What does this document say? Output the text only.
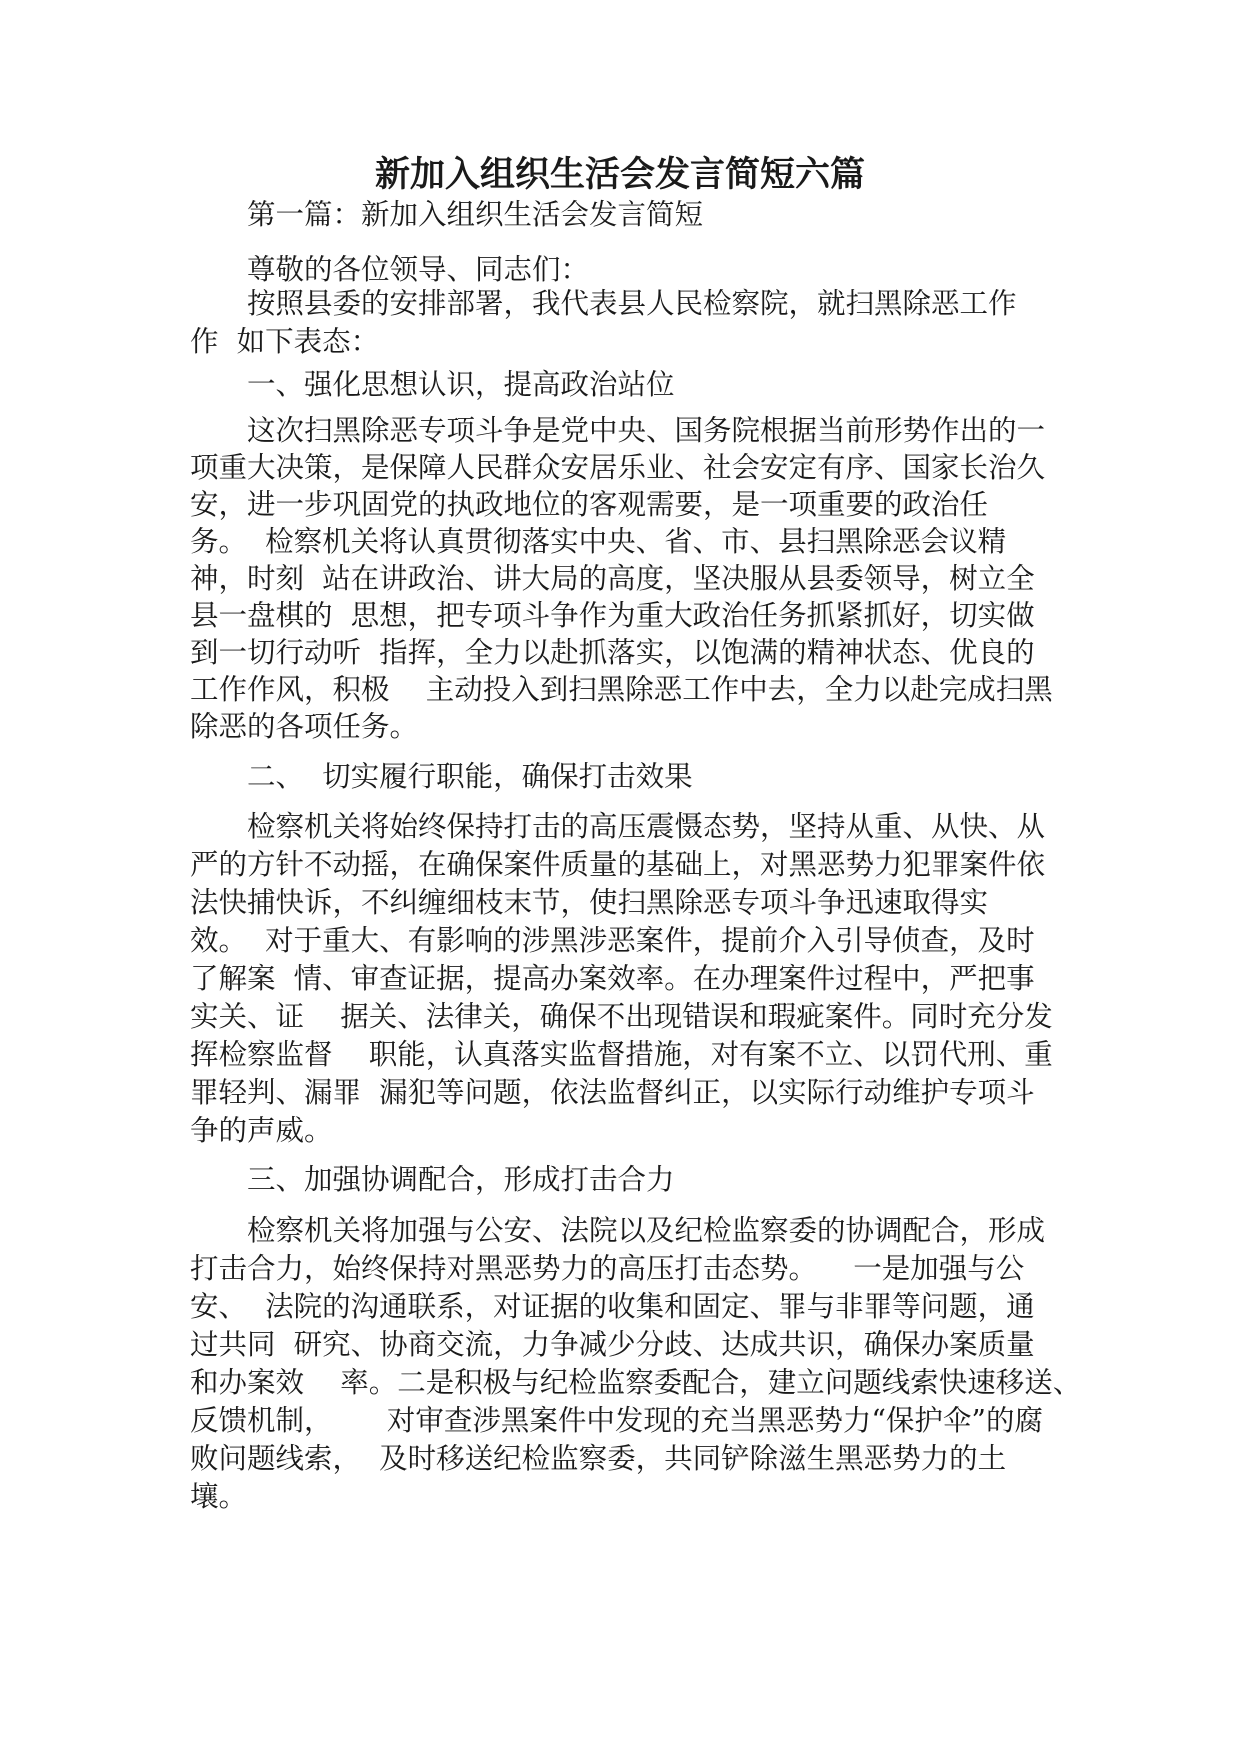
新加入组织生活会发言简短六篇

第一篇：新加入组织生活会发言简短

尊敬的各位领导、同志们：

按照县委的安排部署，我代表县人民检察院，就扫黑除恶工作

作  如下表态：

一、强化思想认识，提高政治站位

这次扫黑除恶专项斗争是党中央、国务院根据当前形势作出的一

项重大决策，是保障人民群众安居乐业、社会安定有序、国家长治久

安，进一步巩固党的执政地位的客观需要，是一项重要的政治任

务。  检察机关将认真贯彻落实中央、省、市、县扫黑除恶会议精

神，时刻  站在讲政治、讲大局的高度，坚决服从县委领导，树立全

县一盘棋的  思想，把专项斗争作为重大政治任务抓紧抓好，切实做

到一切行动听  指挥，全力以赴抓落实，以饱满的精神状态、优良的

工作作风，积极    主动投入到扫黑除恶工作中去，全力以赴完成扫黑

除恶的各项任务。

二、  切实履行职能，确保打击效果

检察机关将始终保持打击的高压震慑态势，坚持从重、从快、从

严的方针不动摇，在确保案件质量的基础上，对黑恶势力犯罪案件依

法快捕快诉，不纠缠细枝末节，使扫黑除恶专项斗争迅速取得实

效。  对于重大、有影响的涉黑涉恶案件，提前介入引导侦查，及时

了解案  情、审查证据，提高办案效率。在办理案件过程中，严把事

实关、证    据关、法律关，确保不出现错误和瑕疵案件。同时充分发

挥检察监督    职能，认真落实监督措施，对有案不立、以罚代刑、重

罪轻判、漏罪  漏犯等问题，依法监督纠正，以实际行动维护专项斗

争的声威。

三、加强协调配合，形成打击合力

检察机关将加强与公安、法院以及纪检监察委的协调配合，形成

打击合力，始终保持对黑恶势力的高压打击态势。    一是加强与公

安、  法院的沟通联系，对证据的收集和固定、罪与非罪等问题，通

过共同  研究、协商交流，力争减少分歧、达成共识，确保办案质量

和办案效    率。二是积极与纪检监察委配合，建立问题线索快速移送、

反馈机制，      对审查涉黑案件中发现的充当黑恶势力“保护伞”的腐

败问题线索，  及时移送纪检监察委，共同铲除滋生黑恶势力的土

壤。
